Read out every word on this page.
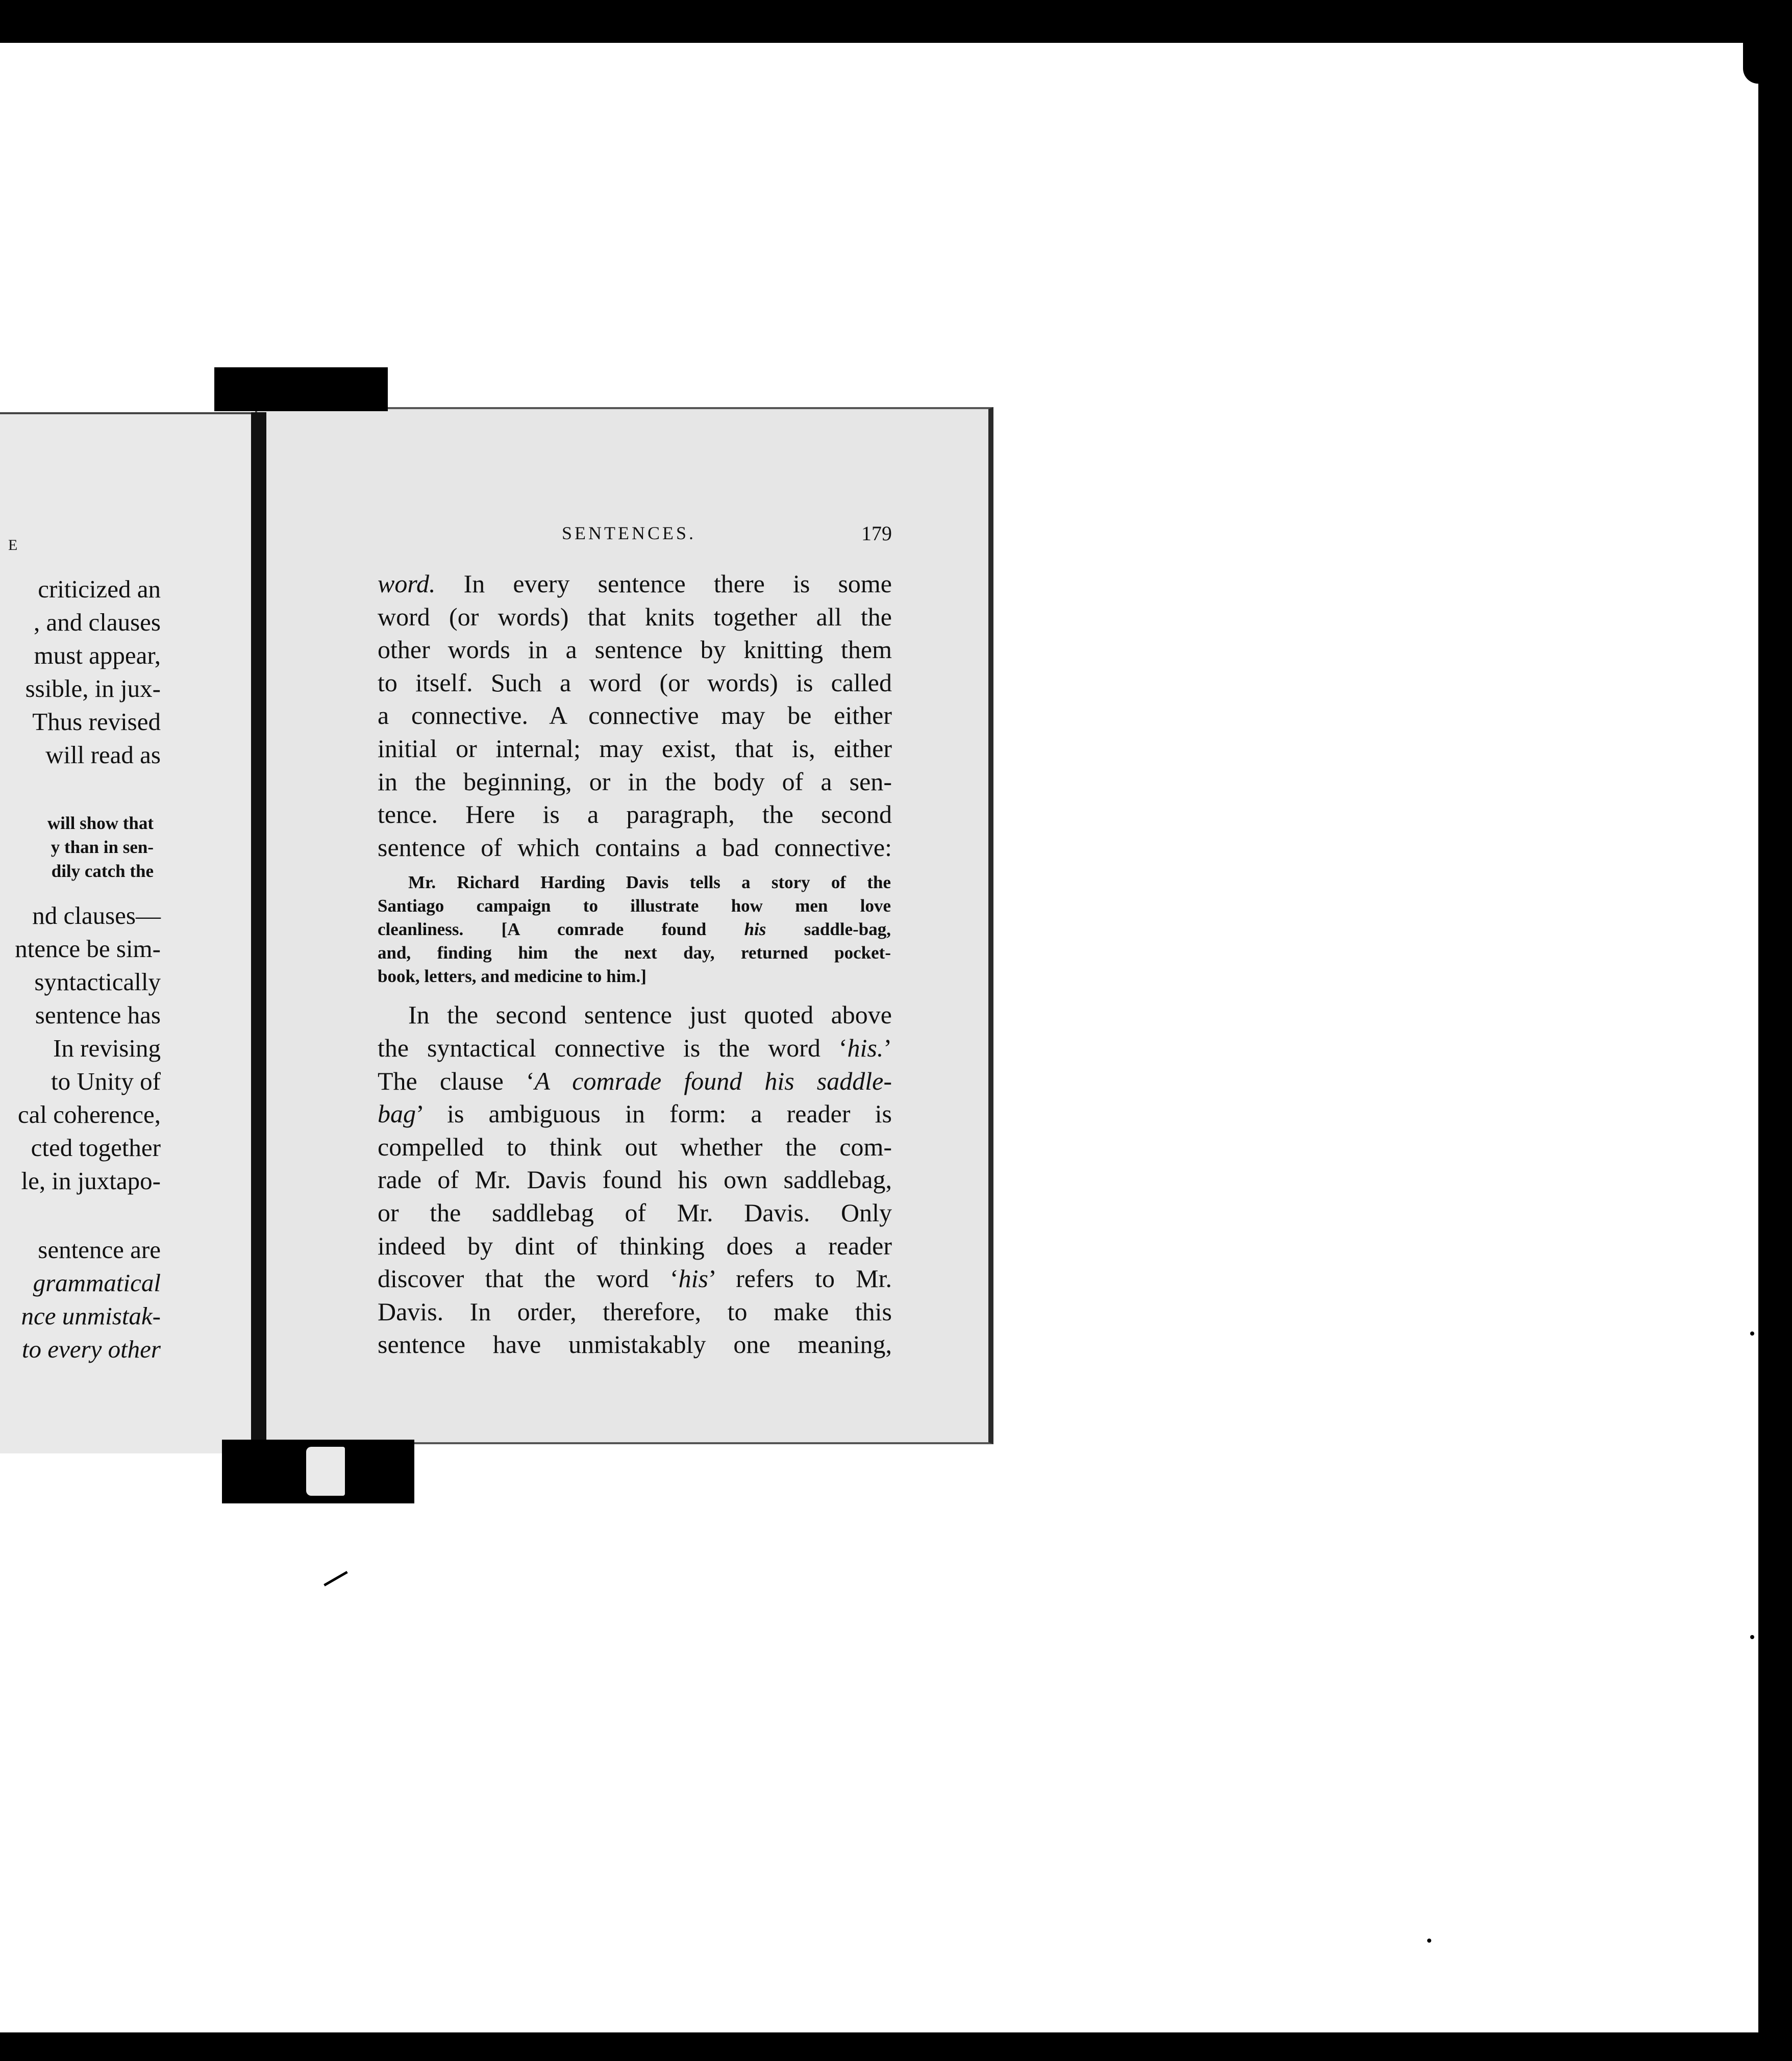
E
criticized an
, and clauses
must appear,
ssible, in jux-
Thus revised
will read as
will show that
y than in sen-
dily catch the
nd clauses—
ntence be sim-
syntactically
sentence has
In revising
to Unity of
cal coherence,
cted together
le, in juxtapo-
sentence are
grammatical
nce unmistak-
to every other
SENTENCES.	179
word. In every sentence there is some
word (or words) that knits together all the
other words in a sentence by knitting them
to itself. Such a word (or words) is called
a connective. A connective may be either
initial or internal; may exist, that is, either
in the beginning, or in the body of a sen-
tence. Here is a paragraph, the second
sentence of which contains a bad connective:
Mr. Richard Harding Davis tells a story of the
Santiago campaign to illustrate how men love
cleanliness. [A comrade found his saddle-bag,
and, finding him the next day, returned pocket-
book, letters, and medicine to him.]
In the second sentence just quoted above
the syntactical connective is the word ‘his.’
The clause ‘A comrade found his saddle-
bag’ is ambiguous in form: a reader is
compelled to think out whether the com-
rade of Mr. Davis found his own saddlebag,
or the saddlebag of Mr. Davis. Only
indeed by dint of thinking does a reader
discover that the word ‘his’ refers to Mr.
Davis. In order, therefore, to make this
sentence have unmistakably one meaning,
